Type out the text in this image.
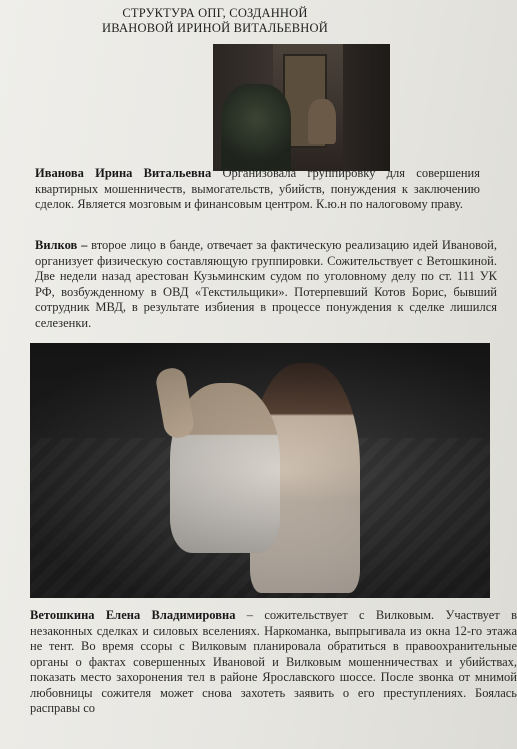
СТРУКТУРА ОПГ, СОЗДАННОЙ
ИВАНОВОЙ ИРИНОЙ ВИТАЛЬЕВНОЙ
Иванова Ирина Витальевна Организовала группировку для совершения квартирных мошенничеств, вымогательств, убийств, понуждения к заключению сделок. Является мозговым и финансовым центром. К.ю.н по налоговому праву.
Вилков – второе лицо в банде, отвечает за фактическую реализацию идей Ивановой, организует физическую составляющую группировки. Сожительствует с Ветошкиной. Две недели назад арестован Кузьминским судом по уголовному делу по ст. 111 УК РФ, возбужденному в ОВД «Текстильщики». Потерпевший Котов Борис, бывший сотрудник МВД, в результате избиения в процессе понуждения к сделке лишился селезенки.
Ветошкина Елена Владимировна – сожительствует с Вилковым. Участвует в незаконных сделках и силовых вселениях. Наркоманка, выпрыгивала из окна 12-го этажа не тент. Во время ссоры с Вилковым планировала обратиться в правоохранительные органы о фактах совершенных Ивановой и Вилковым мошенничествах и убийствах, показать место захоронения тел в районе Ярославского шоссе. После звонка от мнимой любовницы сожителя может снова захотеть заявить о его преступлениях. Боялась расправы со
